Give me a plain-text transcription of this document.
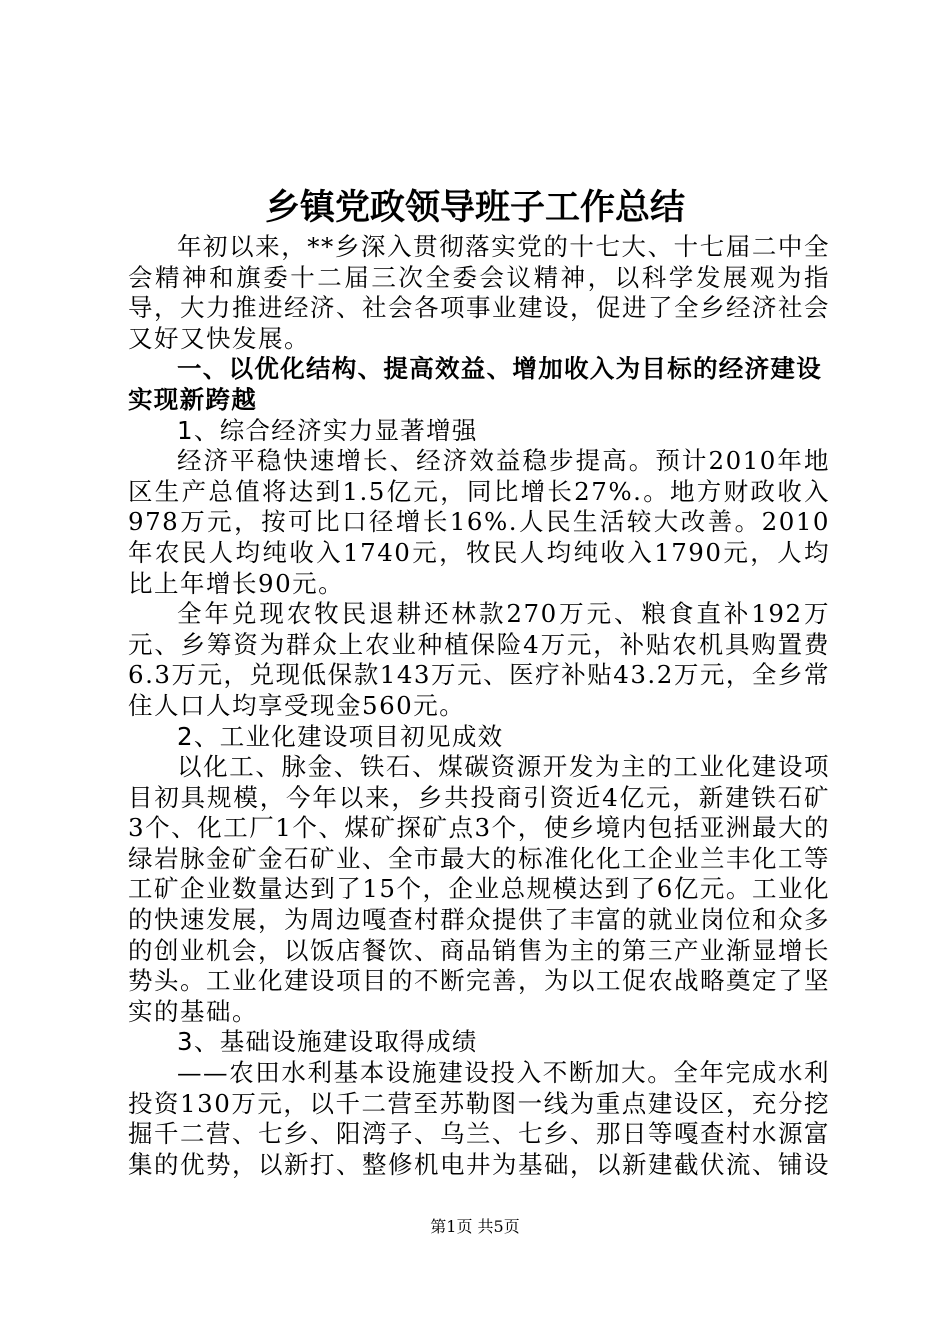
乡镇党政领导班子工作总结

年初以来，**乡深入贯彻落实党的十七大、十七届二中全会精神和旗委十二届三次全委会议精神，以科学发展观为指导，大力推进经济、社会各项事业建设，促进了全乡经济社会又好又快发展。

一、以优化结构、提高效益、增加收入为目标的经济建设实现新跨越

1、综合经济实力显著增强

经济平稳快速增长、经济效益稳步提高。预计2010年地区生产总值将达到1.5亿元，同比增长27%.。地方财政收入978万元，按可比口径增长16%.人民生活较大改善。2010年农民人均纯收入1740元，牧民人均纯收入1790元，人均比上年增长90元。

全年兑现农牧民退耕还林款270万元、粮食直补192万元、乡筹资为群众上农业种植保险4万元，补贴农机具购置费6.3万元，兑现低保款143万元、医疗补贴43.2万元，全乡常住人口人均享受现金560元。

2、工业化建设项目初见成效

以化工、脉金、铁石、煤碳资源开发为主的工业化建设项目初具规模，今年以来，乡共投商引资近4亿元，新建铁石矿3个、化工厂1个、煤矿探矿点3个，使乡境内包括亚洲最大的绿岩脉金矿金石矿业、全市最大的标准化化工企业兰丰化工等工矿企业数量达到了15个，企业总规模达到了6亿元。工业化的快速发展，为周边嘎查村群众提供了丰富的就业岗位和众多的创业机会，以饭店餐饮、商品销售为主的第三产业渐显增长势头。工业化建设项目的不断完善，为以工促农战略奠定了坚实的基础。

3、基础设施建设取得成绩

——农田水利基本设施建设投入不断加大。全年完成水利投资130万元，以千二营至苏勒图一线为重点建设区，充分挖掘千二营、七乡、阳湾子、乌兰、七乡、那日等嘎查村水源富集的优势，以新打、整修机电井为基础，以新建截伏流、铺设

第1页 共5页
